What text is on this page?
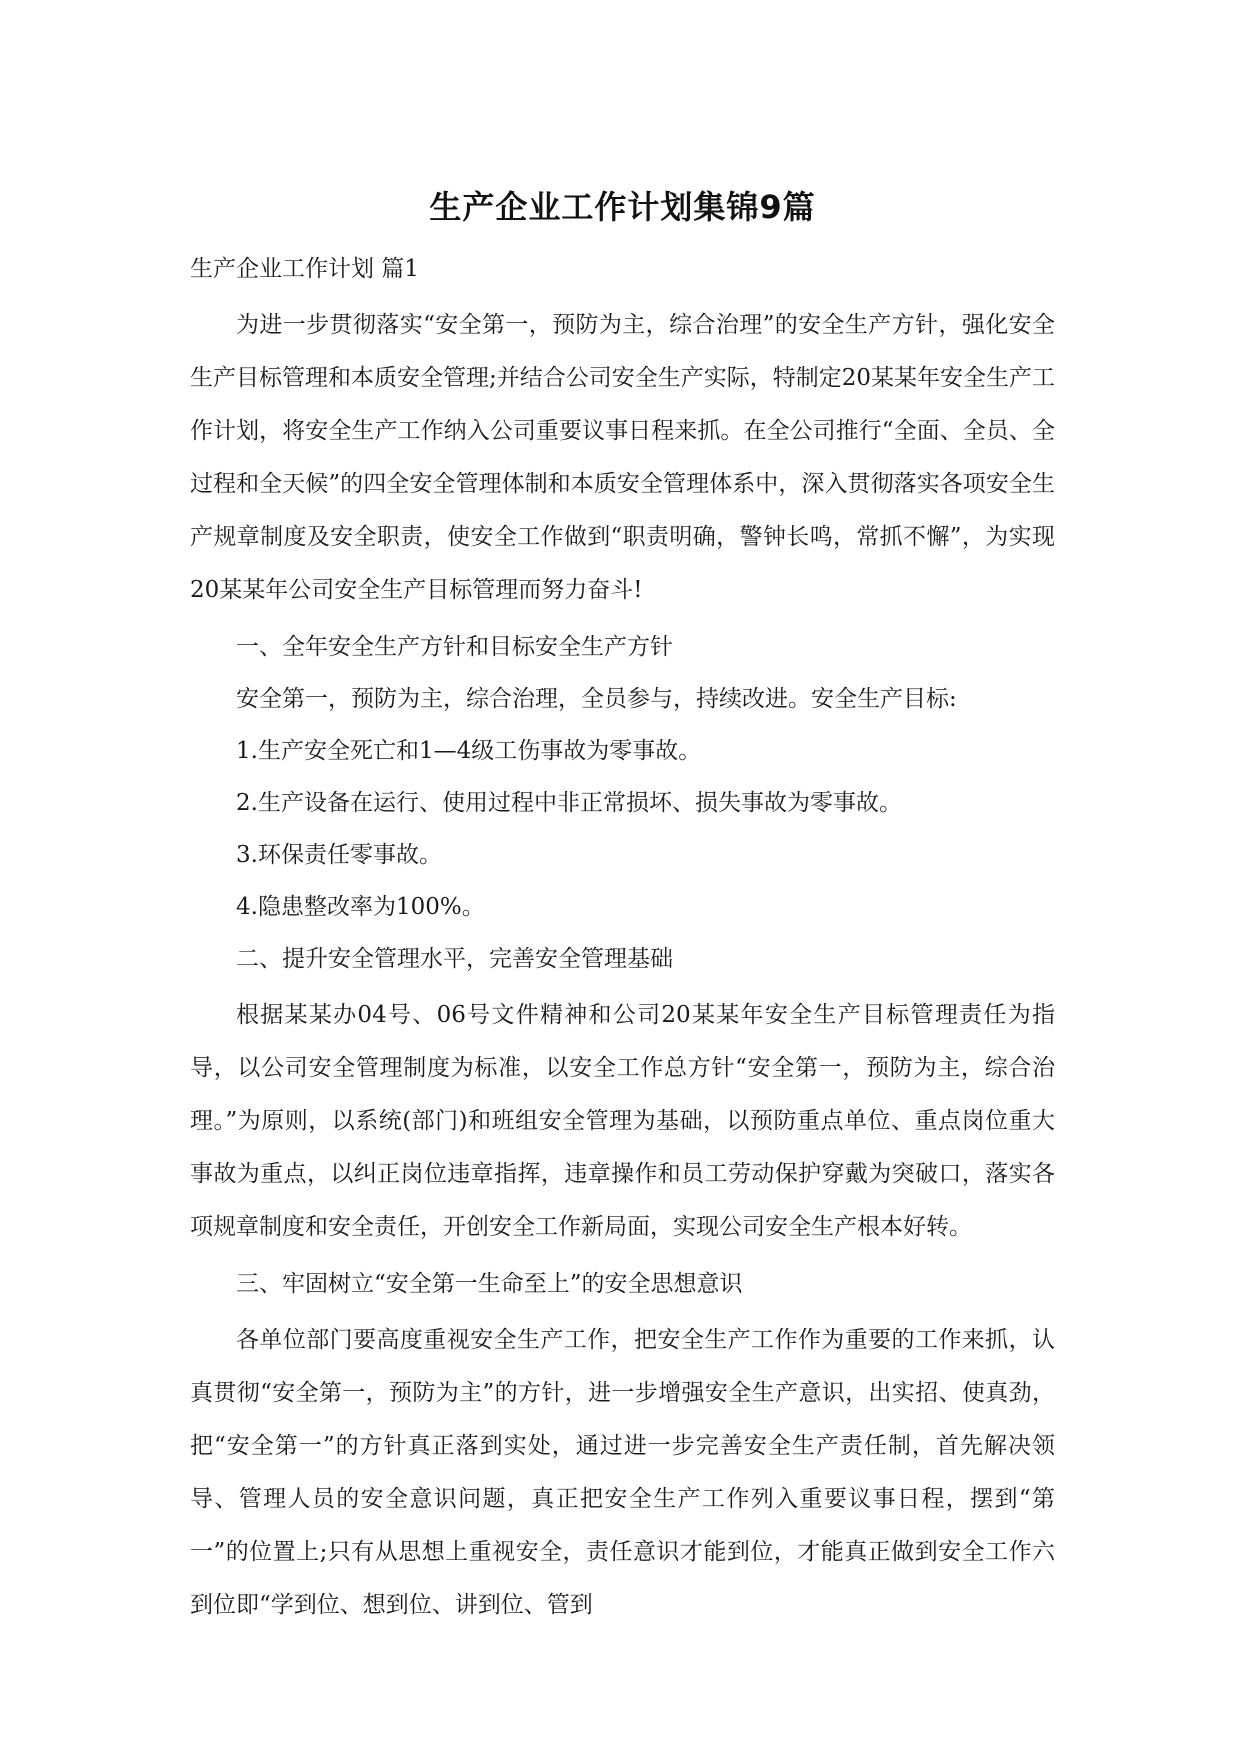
生产企业工作计划集锦9篇

生产企业工作计划 篇1

为进一步贯彻落实“安全第一，预防为主，综合治理”的安全生产方针，强化安全生产目标管理和本质安全管理;并结合公司安全生产实际，特制定20某某年安全生产工作计划，将安全生产工作纳入公司重要议事日程来抓。在全公司推行“全面、全员、全过程和全天候”的四全安全管理体制和本质安全管理体系中，深入贯彻落实各项安全生产规章制度及安全职责，使安全工作做到“职责明确，警钟长鸣，常抓不懈”，为实现20某某年公司安全生产目标管理而努力奋斗!

一、全年安全生产方针和目标安全生产方针

安全第一，预防为主，综合治理，全员参与，持续改进。安全生产目标:

1.生产安全死亡和1—4级工伤事故为零事故。

2.生产设备在运行、使用过程中非正常损坏、损失事故为零事故。

3.环保责任零事故。

4.隐患整改率为100%。

二、提升安全管理水平，完善安全管理基础

根据某某办04号、06号文件精神和公司20某某年安全生产目标管理责任为指导，以公司安全管理制度为标准，以安全工作总方针“安全第一，预防为主，综合治理。”为原则，以系统(部门)和班组安全管理为基础，以预防重点单位、重点岗位重大事故为重点，以纠正岗位违章指挥，违章操作和员工劳动保护穿戴为突破口，落实各项规章制度和安全责任，开创安全工作新局面，实现公司安全生产根本好转。

三、牢固树立“安全第一生命至上”的安全思想意识

各单位部门要高度重视安全生产工作，把安全生产工作作为重要的工作来抓，认真贯彻“安全第一，预防为主”的方针，进一步增强安全生产意识，出实招、使真劲，把“安全第一”的方针真正落到实处，通过进一步完善安全生产责任制，首先解决领导、管理人员的安全意识问题，真正把安全生产工作列入重要议事日程，摆到“第一”的位置上;只有从思想上重视安全，责任意识才能到位，才能真正做到安全工作六到位即“学到位、想到位、讲到位、管到
